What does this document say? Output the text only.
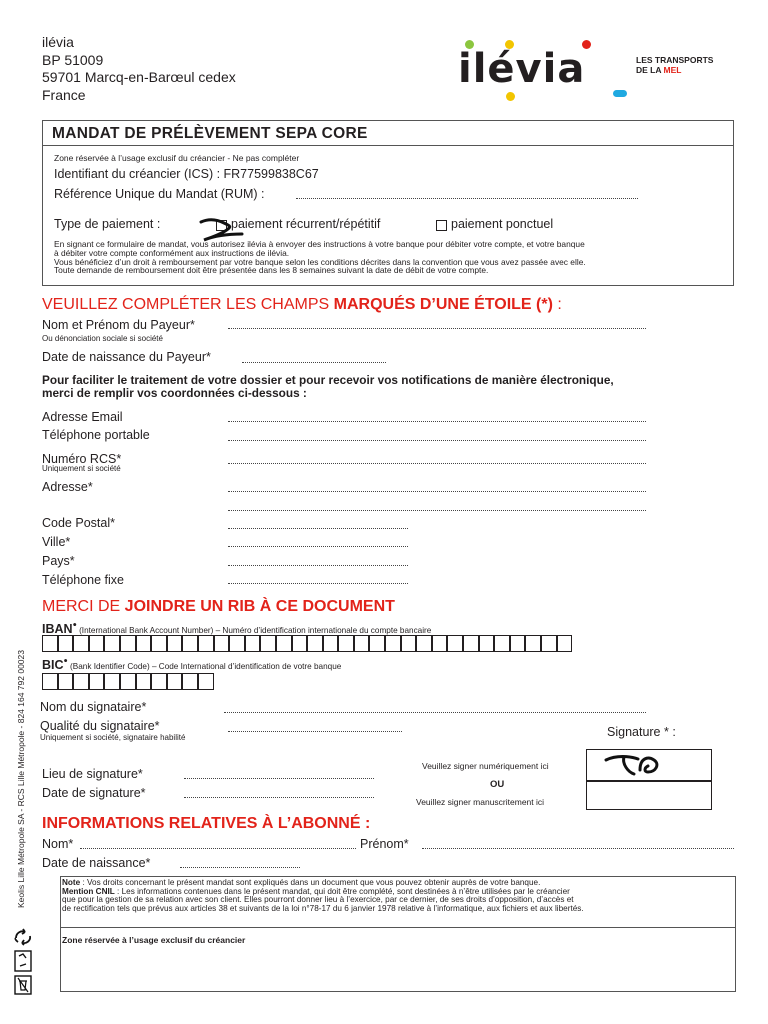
ilévia
BP 51009
59701 Marcq-en-Barœul cedex
France
ilévia	LES TRANSPORTS
DE LA MEL
MANDAT DE PRÉLÈVEMENT SEPA CORE
Zone réservée à l’usage exclusif du créancier - Ne pas compléter
Identifiant du créancier (ICS) : FR77599838C67
Référence Unique du Mandat (RUM) :
Type de paiement :	paiement récurrent/répétitif	paiement ponctuel
En signant ce formulaire de mandat, vous autorisez ilévia à envoyer des instructions à votre banque pour débiter votre compte, et votre banque
à débiter votre compte conformément aux instructions de ilévia.
Vous bénéficiez d’un droit à remboursement par votre banque selon les conditions décrites dans la convention que vous avez passée avec elle.
Toute demande de remboursement doit être présentée dans les 8 semaines suivant la date de débit de votre compte.
VEUILLEZ COMPLÉTER LES CHAMPS MARQUÉS D’UNE ÉTOILE (*) :
Nom et Prénom du Payeur*
Ou dénonciation sociale si société
Date de naissance du Payeur*
Pour faciliter le traitement de votre dossier et pour recevoir vos notifications de manière électronique,
merci de remplir vos coordonnées ci-dessous :
Adresse Email
Téléphone portable
Numéro RCS*
Uniquement si société
Adresse*
Code Postal*
Ville*
Pays*
Téléphone fixe
MERCI DE JOINDRE UN RIB À CE DOCUMENT
IBAN● (International Bank Account Number) – Numéro d’identification internationale du compte bancaire
BIC● (Bank Identifier Code) – Code International d’identification de votre banque
Nom du signataire*
Qualité du signataire*
Uniquement si société, signataire habilité	Signature * :
Lieu de signature*
Date de signature*
Veuillez signer numériquement ici
OU
Veuillez signer manuscritement ici
INFORMATIONS RELATIVES À L’ABONNÉ :
Nom*	Prénom*
Date de naissance*
Note : Vos droits concernant le présent mandat sont expliqués dans un document que vous pouvez obtenir auprès de votre banque.
Mention CNIL : Les informations contenues dans le présent mandat, qui doit être complété, sont destinées à n’être utilisées par le créancier
que pour la gestion de sa relation avec son client. Elles pourront donner lieu à l’exercice, par ce dernier, de ses droits d’opposition, d’accès et
de rectification tels que prévus aux articles 38 et suivants de la loi n°78-17 du 6 janvier 1978 relative à l’informatique, aux fichiers et aux libertés.
Zone réservée à l’usage exclusif du créancier
Keolis Lille Métropole SA - RCS Lille Métropole - 824 164 792 00023
